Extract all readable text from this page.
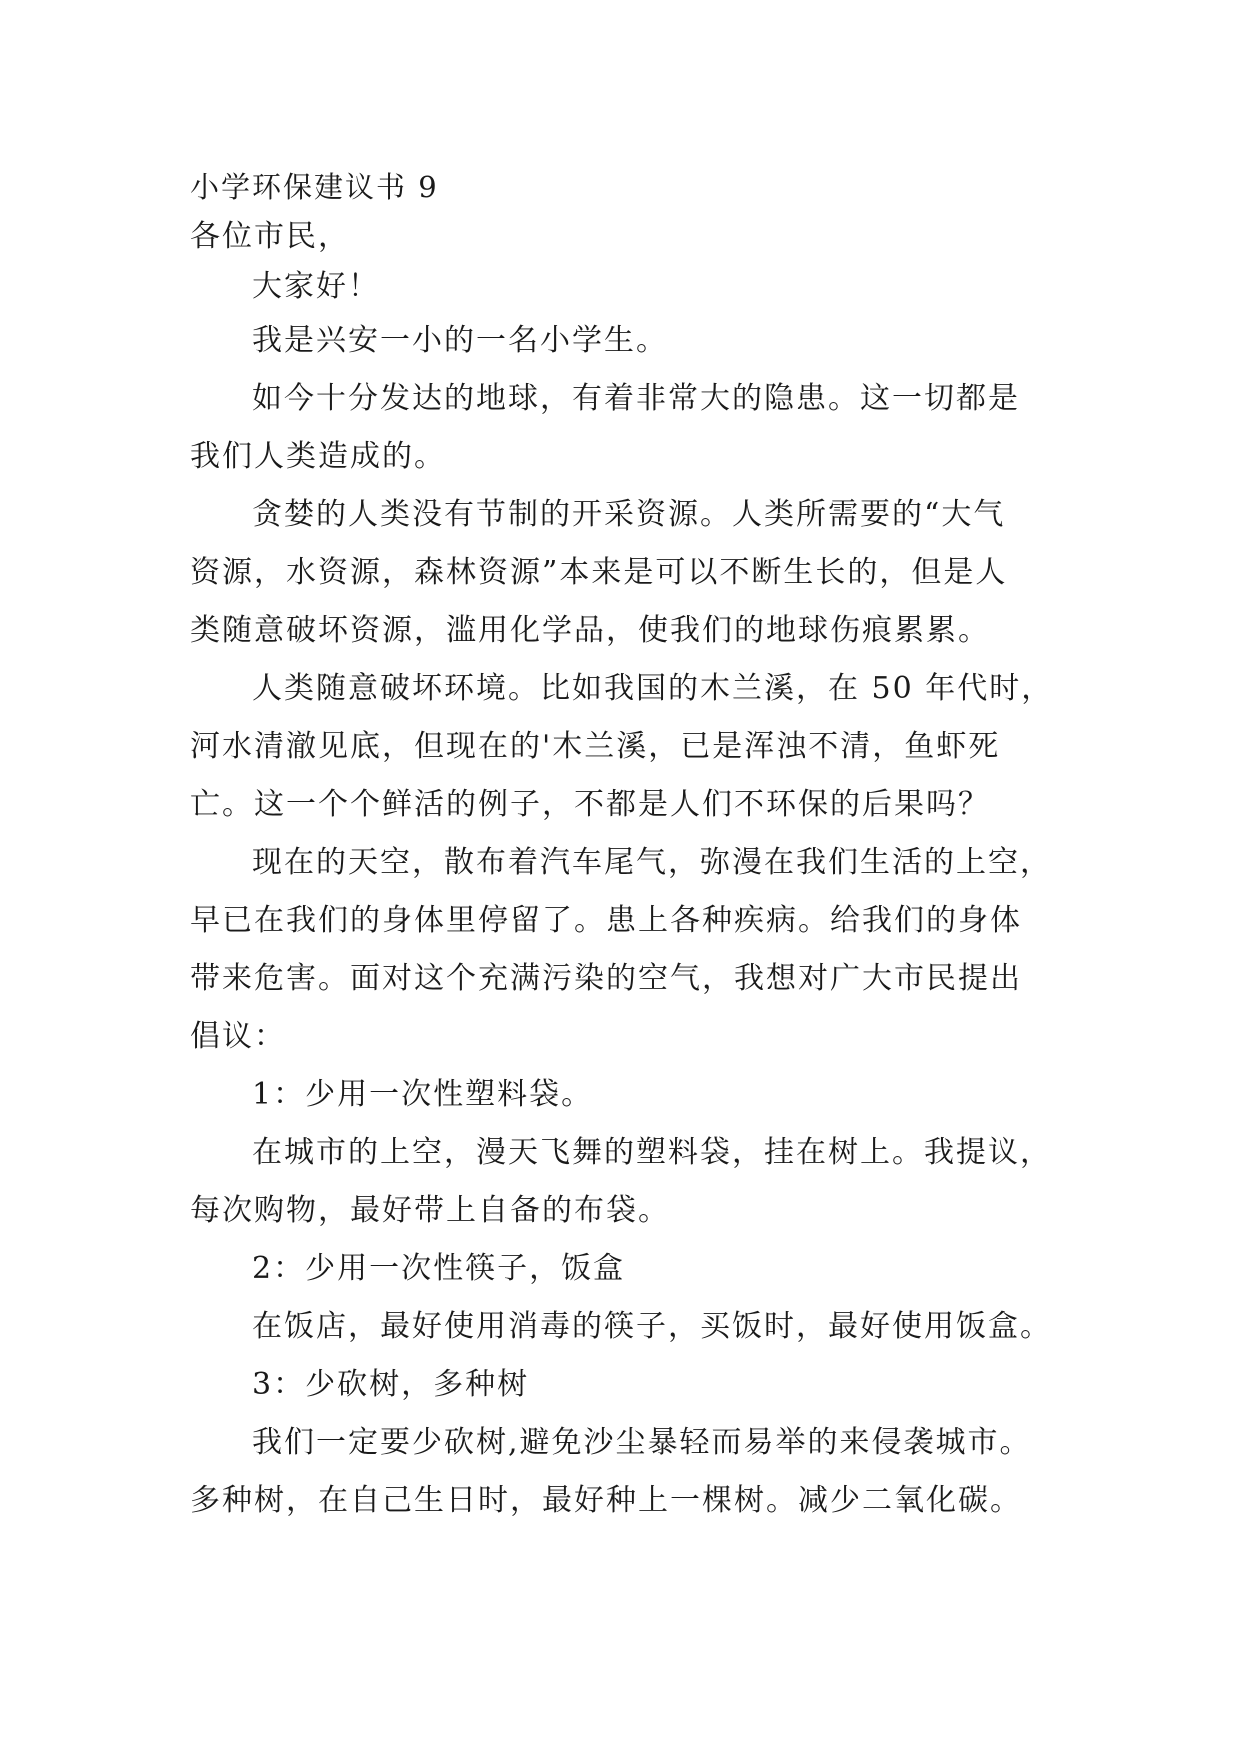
小学环保建议书 9
各位市民，
大家好！
我是兴安一小的一名小学生。
如今十分发达的地球，有着非常大的隐患。这一切都是
我们人类造成的。
贪婪的人类没有节制的开采资源。人类所需要的“大气
资源，水资源，森林资源”本来是可以不断生长的，但是人
类随意破坏资源，滥用化学品，使我们的地球伤痕累累。
人类随意破坏环境。比如我国的木兰溪，在 50 年代时，
河水清澈见底，但现在的'木兰溪，已是浑浊不清，鱼虾死
亡。这一个个鲜活的例子，不都是人们不环保的后果吗？
现在的天空，散布着汽车尾气，弥漫在我们生活的上空，
早已在我们的身体里停留了。患上各种疾病。给我们的身体
带来危害。面对这个充满污染的空气，我想对广大市民提出
倡议：
1：少用一次性塑料袋。
在城市的上空，漫天飞舞的塑料袋，挂在树上。我提议，
每次购物，最好带上自备的布袋。
2：少用一次性筷子，饭盒
在饭店，最好使用消毒的筷子，买饭时，最好使用饭盒。
3：少砍树，多种树
我们一定要少砍树,避免沙尘暴轻而易举的来侵袭城市。
多种树，在自己生日时，最好种上一棵树。减少二氧化碳。
